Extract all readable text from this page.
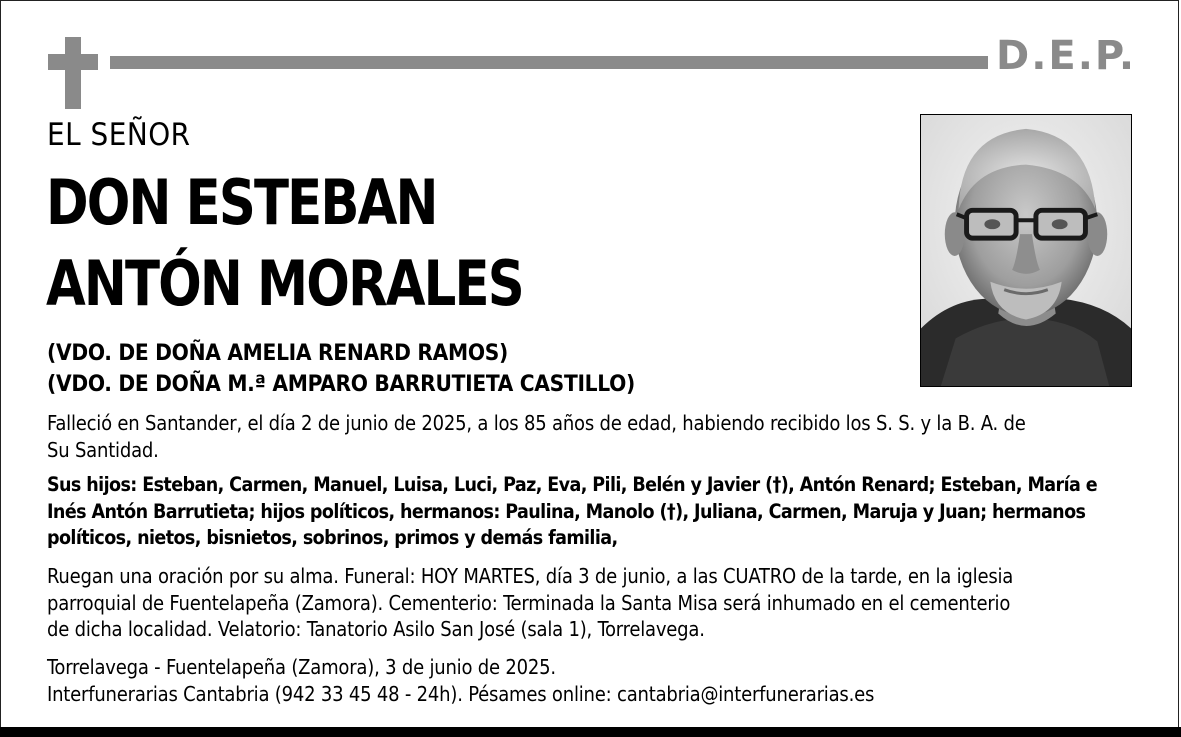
D.E.P.
EL SEÑOR
DON ESTEBAN
ANTÓN MORALES
(VDO. DE DOÑA AMELIA RENARD RAMOS)
(VDO. DE DOÑA M.ª AMPARO BARRUTIETA CASTILLO)

Falleció en Santander, el día 2 de junio de 2025, a los 85 años de edad, habiendo recibido los S. S. y la B. A. de
Su Santidad.

Sus hijos: Esteban, Carmen, Manuel, Luisa, Luci, Paz, Eva, Pili, Belén y Javier (†), Antón Renard; Esteban, María e
Inés Antón Barrutieta; hijos políticos, hermanos: Paulina, Manolo (†), Juliana, Carmen, Maruja y Juan; hermanos
políticos, nietos, bisnietos, sobrinos, primos y demás familia,

Ruegan una oración por su alma. Funeral: HOY MARTES, día 3 de junio, a las CUATRO de la tarde, en la iglesia
parroquial de Fuentelapeña (Zamora). Cementerio: Terminada la Santa Misa será inhumado en el cementerio
de dicha localidad. Velatorio: Tanatorio Asilo San José (sala 1), Torrelavega.

Torrelavega - Fuentelapeña (Zamora), 3 de junio de 2025.

Interfunerarias Cantabria (942 33 45 48 - 24h). Pésames online: cantabria@interfunerarias.es
